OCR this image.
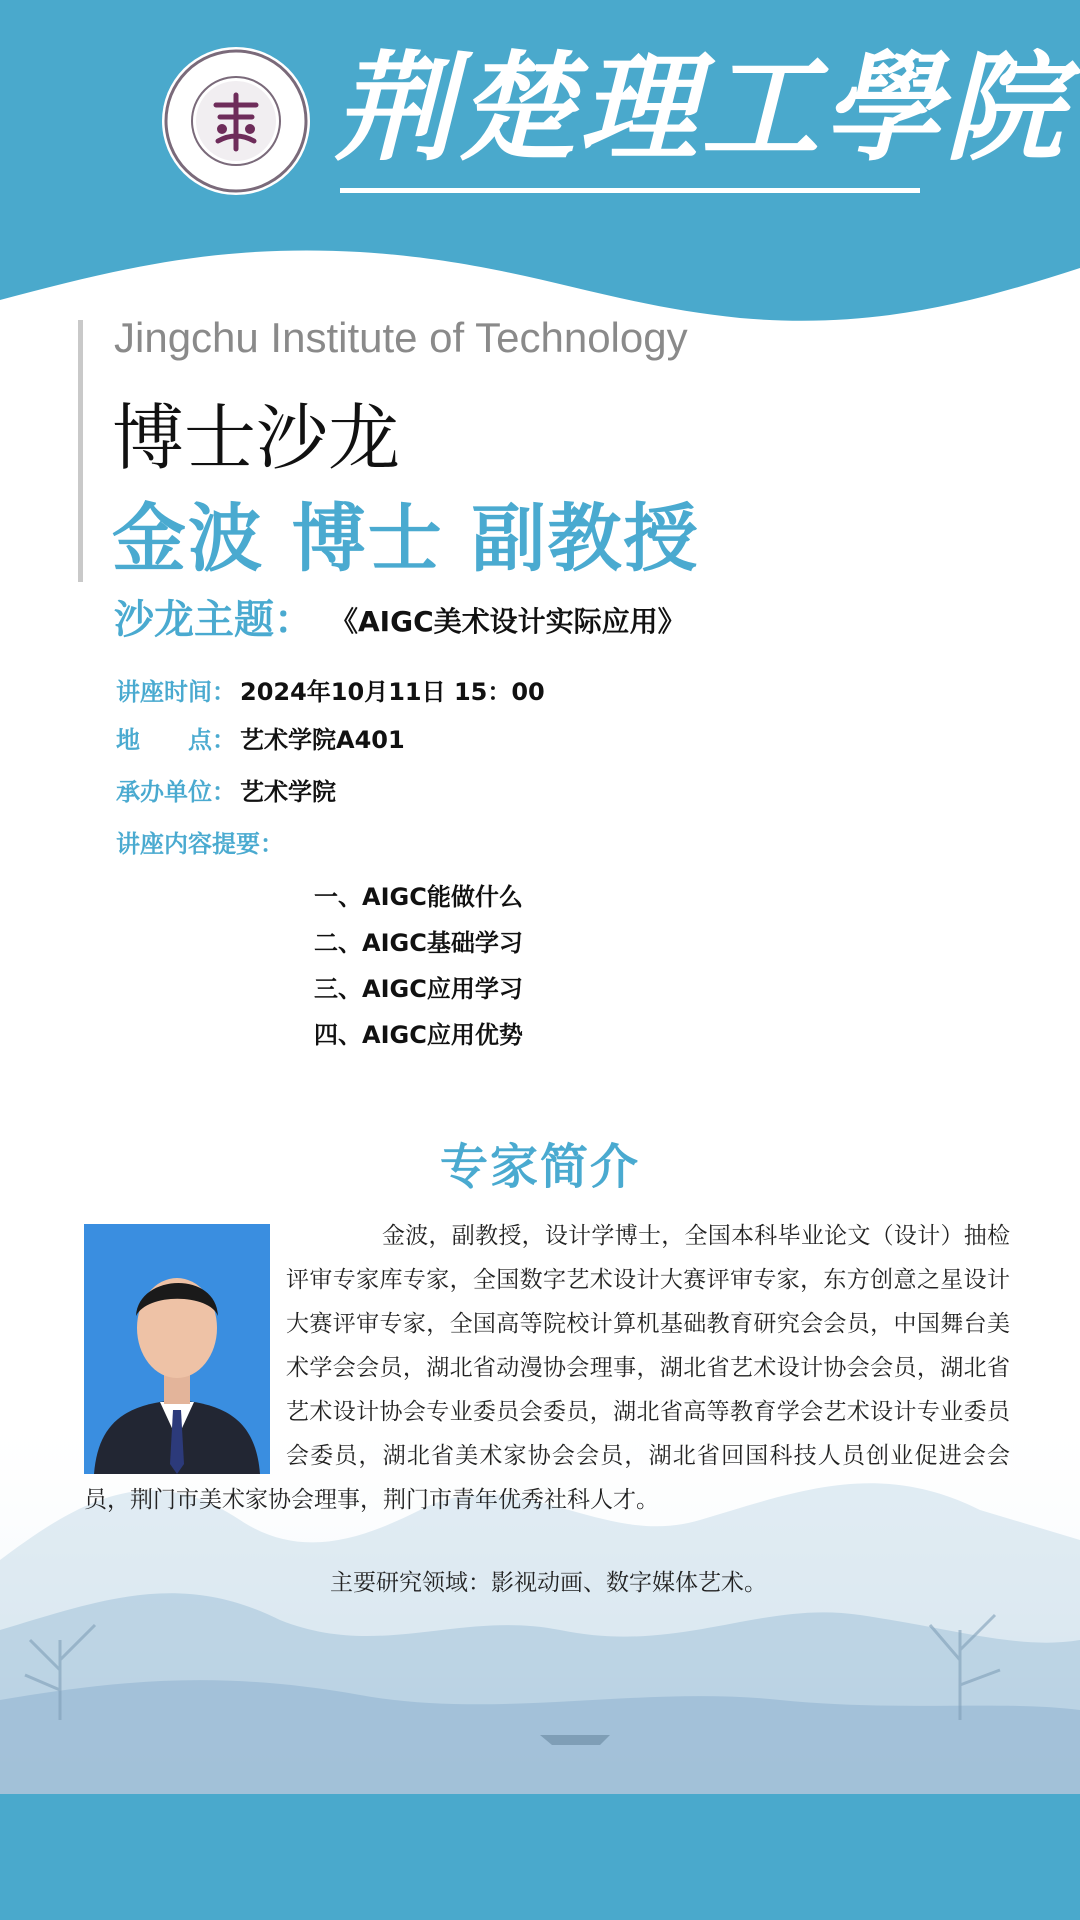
荆楚理工學院
Jingchu Institute of Technology
博士沙龙
金波 博士 副教授
沙龙主题： 《AIGC美术设计实际应用》
讲座时间： 2024年10月11日 15：00
地　　点： 艺术学院A401
承办单位： 艺术学院
讲座内容提要：
一、AIGC能做什么
二、AIGC基础学习
三、AIGC应用学习
四、AIGC应用优势
专家简介

金波，副教授，设计学博士，全国本科毕业论文（设计）抽检评审专家库专家，全国数字艺术设计大赛评审专家，东方创意之星设计大赛评审专家，全国高等院校计算机基础教育研究会会员，中国舞台美术学会会员，湖北省动漫协会理事，湖北省艺术设计协会会员，湖北省艺术设计协会专业委员会委员，湖北省高等教育学会艺术设计专业委员会委员，湖北省美术家协会会员，湖北省回国科技人员创业促进会会员，荆门市美术家协会理事，荆门市青年优秀社科人才。

主要研究领域：影视动画、数字媒体艺术。
